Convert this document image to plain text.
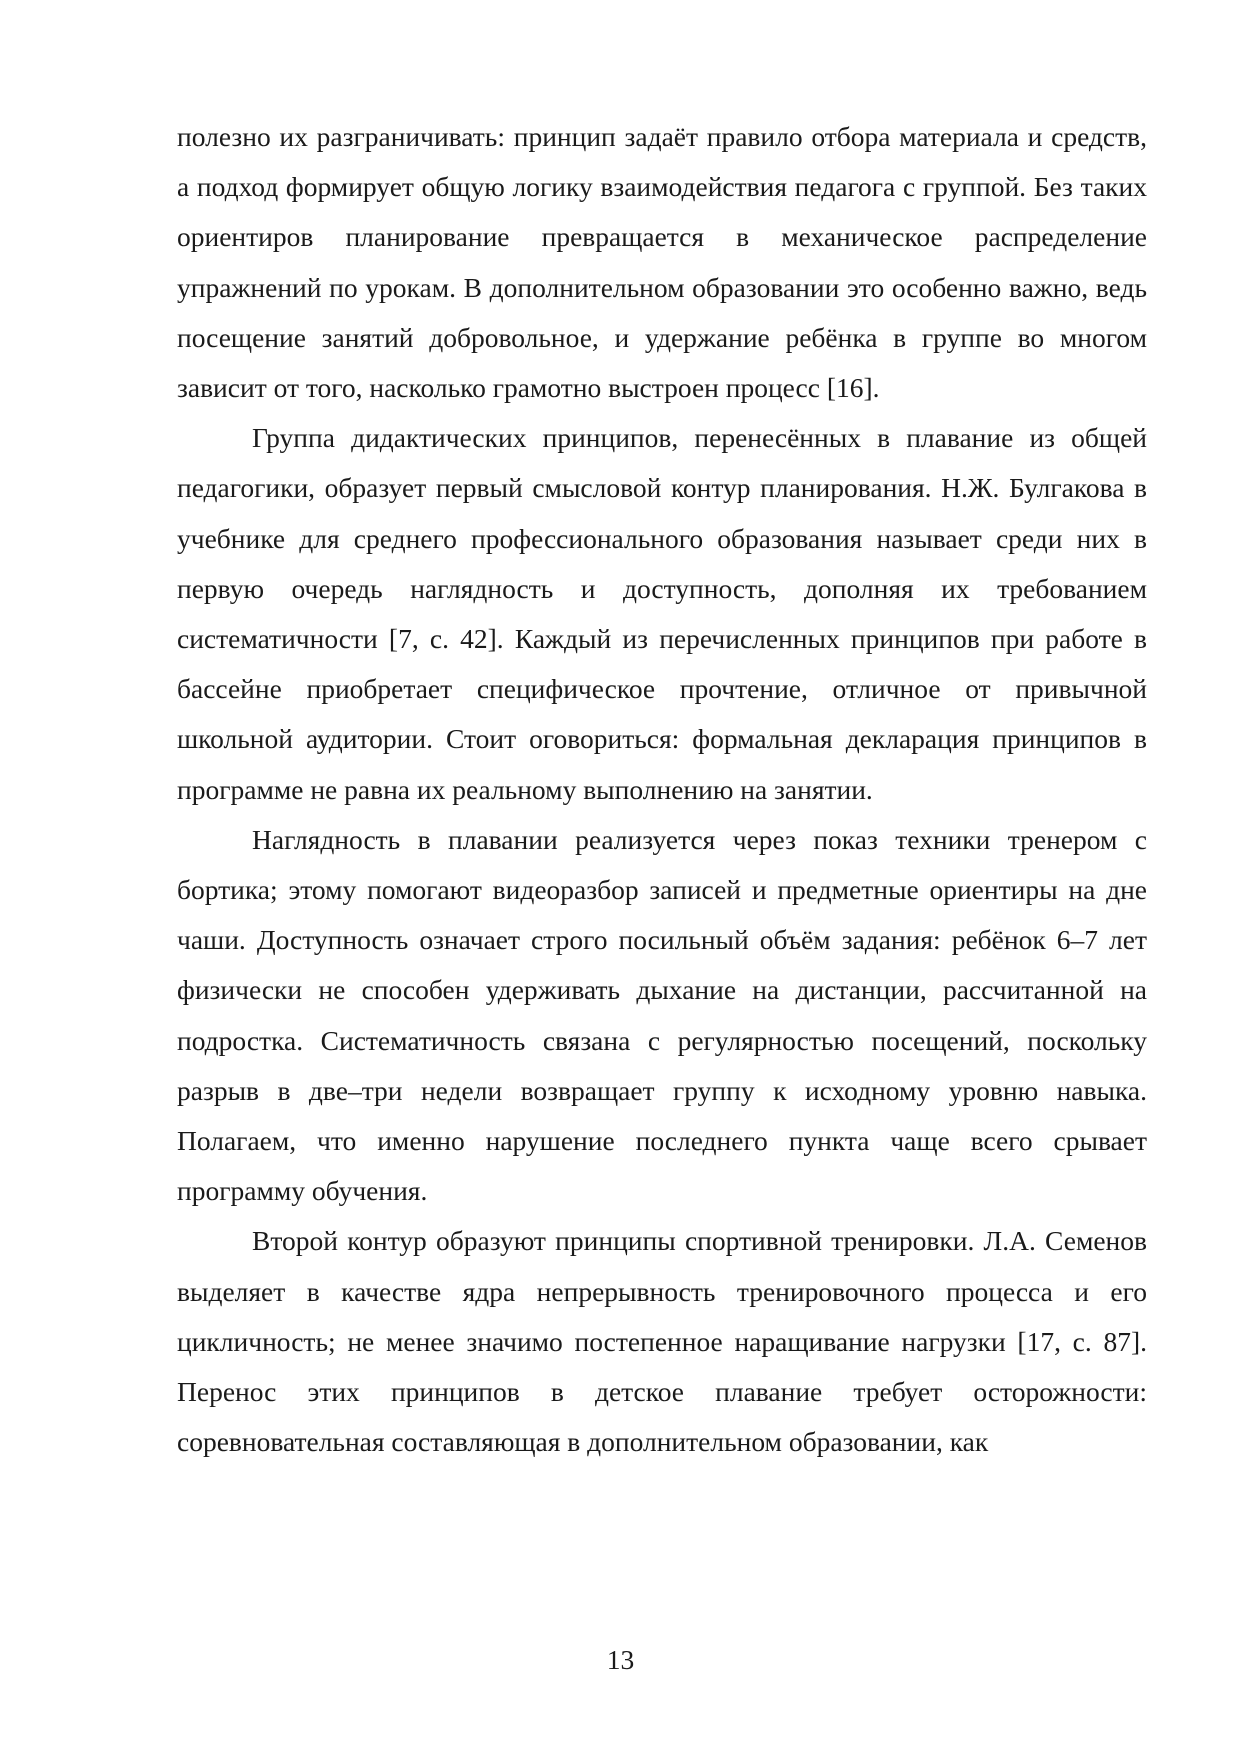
полезно их разграничивать: принцип задаёт правило отбора материала и средств, а подход формирует общую логику взаимодействия педагога с группой. Без таких ориентиров планирование превращается в механическое распределение упражнений по урокам. В дополнительном образовании это особенно важно, ведь посещение занятий добровольное, и удержание ребёнка в группе во многом зависит от того, насколько грамотно выстроен процесс [16].

Группа дидактических принципов, перенесённых в плавание из общей педагогики, образует первый смысловой контур планирования. Н.Ж. Булгакова в учебнике для среднего профессионального образования называет среди них в первую очередь наглядность и доступность, дополняя их требованием систематичности [7, с. 42]. Каждый из перечисленных принципов при работе в бассейне приобретает специфическое прочтение, отличное от привычной школьной аудитории. Стоит оговориться: формальная декларация принципов в программе не равна их реальному выполнению на занятии.

Наглядность в плавании реализуется через показ техники тренером с бортика; этому помогают видеоразбор записей и предметные ориентиры на дне чаши. Доступность означает строго посильный объём задания: ребёнок 6–7 лет физически не способен удерживать дыхание на дистанции, рассчитанной на подростка. Систематичность связана с регулярностью посещений, поскольку разрыв в две–три недели возвращает группу к исходному уровню навыка. Полагаем, что именно нарушение последнего пункта чаще всего срывает программу обучения.

Второй контур образуют принципы спортивной тренировки. Л.А. Семенов выделяет в качестве ядра непрерывность тренировочного процесса и его цикличность; не менее значимо постепенное наращивание нагрузки [17, с. 87]. Перенос этих принципов в детское плавание требует осторожности: соревновательная составляющая в дополнительном образовании, как

13
